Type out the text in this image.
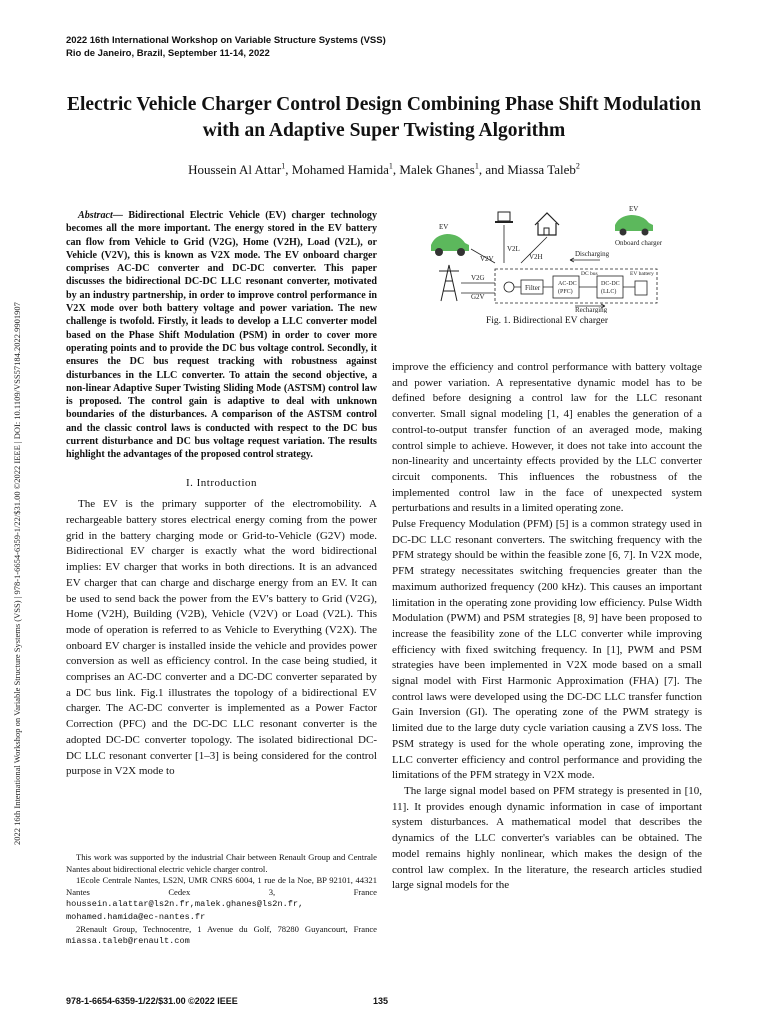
2022 16th International Workshop on Variable Structure Systems (VSS)
Rio de Janeiro, Brazil, September 11-14, 2022
2022 16th International Workshop on Variable Structure Systems (VSS) | 978-1-6654-6359-1/22/$31.00 ©2022 IEEE | DOI: 10.1109/VSS57184.2022.9901907
Electric Vehicle Charger Control Design Combining Phase Shift Modulation with an Adaptive Super Twisting Algorithm
Houssein Al Attar$^1$, Mohamed Hamida$^1$, Malek Ghanes$^1$, and Miassa Taleb$^2$

Abstract— Bidirectional Electric Vehicle (EV) charger technology becomes all the more important. The energy stored in the EV battery can flow from Vehicle to Grid (V2G), Home (V2H), Load (V2L), or Vehicle (V2V), this is known as V2X mode. The EV onboard charger comprises AC-DC converter and DC-DC converter. This paper discusses the bidirectional DC-DC LLC resonant converter, motivated by an industry partnership, in order to improve control performance in V2X mode over both battery voltage and power variation. The new challenge is twofold. Firstly, it leads to develop a LLC converter model based on the Phase Shift Modulation (PSM) in order to cover more operating points and to provide the DC bus voltage control. Secondly, it ensures the DC bus request tracking with robustness against disturbances in the LLC converter. To attain the second objective, a non-linear Adaptive Super Twisting Sliding Mode (ASTSM) control law is proposed. The control gain is adaptive to deal with unknown boundaries of the disturbances. A comparison of the ASTSM control and the classic control laws is conducted with respect to the DC bus current disturbance and DC bus voltage request variation. The results highlight the advantages of the proposed control strategy.

I. Introduction

The EV is the primary supporter of the electromobility. A rechargeable battery stores electrical energy coming from the power grid in the battery charging mode or Grid-to-Vehicle (G2V) mode. Bidirectional EV charger is exactly what the word bidirectional implies: EV charger that works in both directions. It is an advanced EV charger that can charge and discharge energy from an EV. It can be used to send back the power from the EV's battery to Grid (V2G), Home (V2H), Building (V2B), Vehicle (V2V) or Load (V2L). This mode of operation is referred to as Vehicle to Everything (V2X). The onboard EV charger is installed inside the vehicle and provides power conversion as well as efficiency control. In the case being studied, it comprises an AC-DC converter and a DC-DC converter separated by a DC bus link. Fig.1 illustrates the topology of a bidirectional EV charger. The AC-DC converter is implemented as a Power Factor Correction (PFC) and the DC-DC LLC resonant converter is the adopted DC-DC converter topology. The isolated bidirectional DC-DC LLC resonant converter [1–3] is being considered for the control purpose in V2X mode to

This work was supported by the industrial Chair between Renault Group and Centrale Nantes about bidirectional electric vehicle charger control.

1Ecole Centrale Nantes, LS2N, UMR CNRS 6004, 1 rue de la Noe, BP 92101, 44321 Nantes Cedex 3, France houssein.alattar@ls2n.fr,malek.ghanes@ls2n.fr, mohamed.hamida@ec-nantes.fr

2Renault Group, Technocentre, 1 Avenue du Golf, 78280 Guyancourt, France miassa.taleb@renault.com

EV
EV
Onboard charger
V2V
V2L
V2H	Discharging
V2G
G2V
Filter	AC-DC
(PFC)
DC bus
DC-DC
(LLC)
EV battery
Recharging
Fig. 1. Bidirectional EV charger

improve the efficiency and control performance with battery voltage and power variation. A representative dynamic model has to be defined before designing a control law for the LLC resonant converter. Small signal modeling [1, 4] enables the generation of a control-to-output transfer function of an averaged mode, making control simple to achieve. However, it does not take into account the non-linearity and uncertainty effects provided by the LLC converter circuit components. This influences the robustness of the implemented control law in the face of unexpected system perturbations and results in a limited operating zone.

Pulse Frequency Modulation (PFM) [5] is a common strategy used in DC-DC LLC resonant converters. The switching frequency with the PFM strategy should be within the feasible zone [6, 7]. In V2X mode, PFM strategy necessitates switching frequencies greater than the maximum authorized frequency (200 kHz). This causes an important limitation in the operating zone providing low efficiency. Pulse Width Modulation (PWM) and PSM strategies [8, 9] have been proposed to increase the feasibility zone of the LLC converter while improving efficiency with fixed switching frequency. In [1], PWM and PSM strategies have been implemented in V2X mode based on a small signal model with First Harmonic Approximation (FHA) [7]. The control laws were developed using the DC-DC LLC transfer function Gain Inversion (GI). The operating zone of the PWM strategy is limited due to the large duty cycle variation causing a ZVS loss. The PSM strategy is used for the whole operating zone, improving the LLC converter efficiency and control performance and providing the limitations of the PFM strategy in V2X mode.

The large signal model based on PFM strategy is presented in [10, 11]. It provides enough dynamic information in case of important system disturbances. A mathematical model that describes the dynamics of the LLC converter's variables can be obtained. The model remains highly nonlinear, which makes the design of the control law complex. In the literature, the research articles studied large signal models for the

978-1-6654-6359-1/22/$31.00 ©2022 IEEE	135
